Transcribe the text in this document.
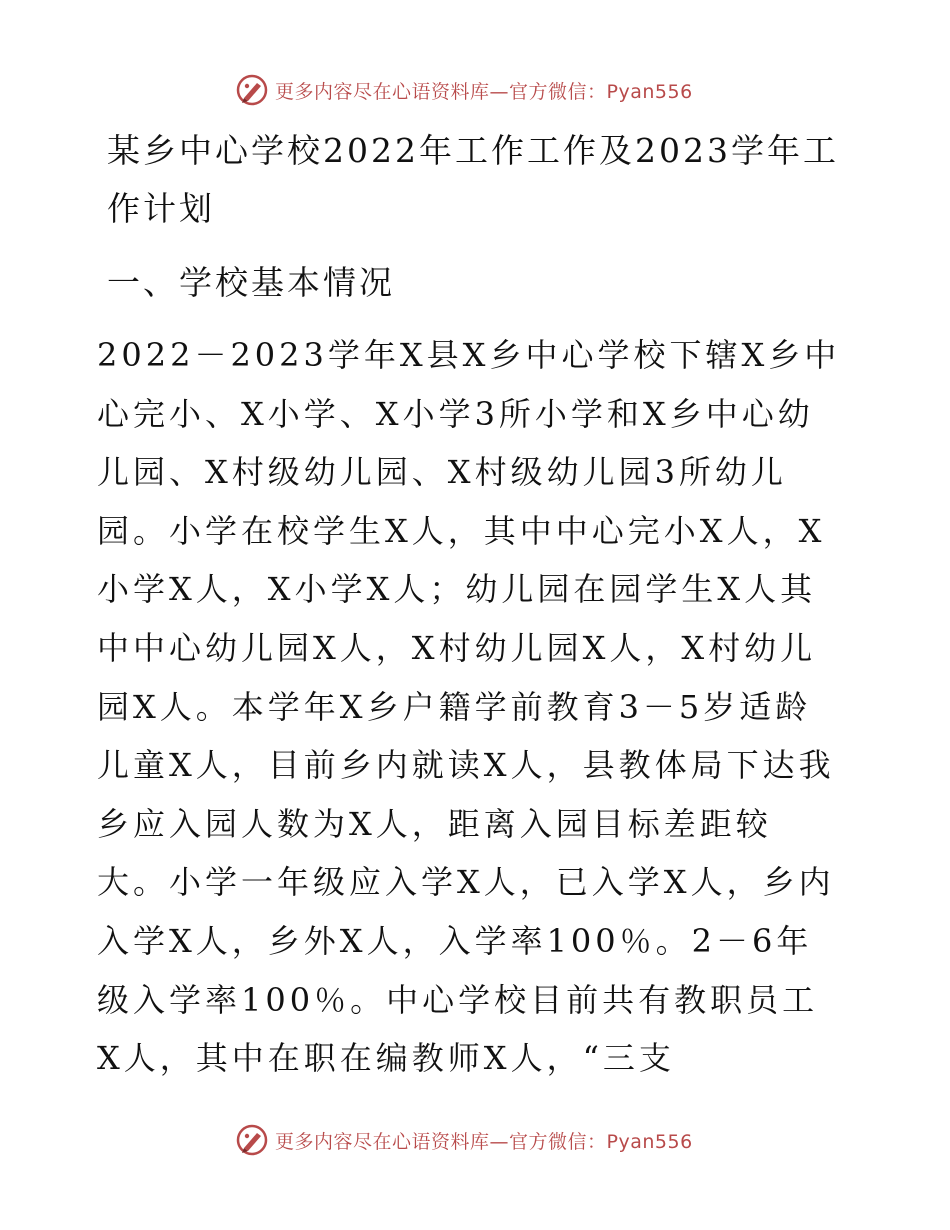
更多内容尽在心语资料库—官方微信：Pyan556
某乡中心学校2022年工作工作及2023学年工作计划
一、学校基本情况

2022－2023学年X县X乡中心学校下辖X乡中心完小、X小学、X小学3所小学和X乡中心幼儿园、X村级幼儿园、X村级幼儿园3所幼儿园。小学在校学生X人，其中中心完小X人，X小学X人，X小学X人；幼儿园在园学生X人其中中心幼儿园X人，X村幼儿园X人，X村幼儿园X人。本学年X乡户籍学前教育3－5岁适龄儿童X人，目前乡内就读X人，县教体局下达我乡应入园人数为X人，距离入园目标差距较大。小学一年级应入学X人，已入学X人，乡内入学X人，乡外X人，入学率100％。2－6年级入学率100％。中心学校目前共有教职员工X人，其中在职在编教师X人，“三支

更多内容尽在心语资料库—官方微信：Pyan556
